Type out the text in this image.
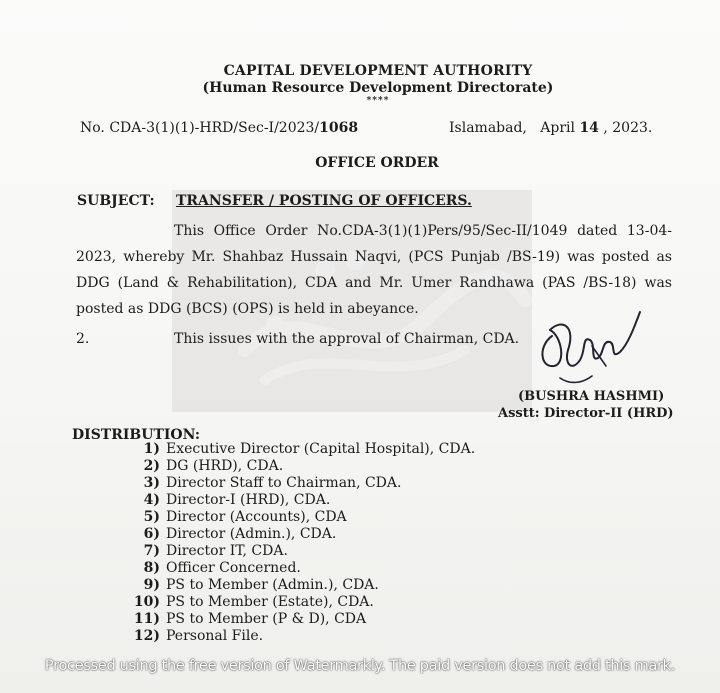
CAPITAL DEVELOPMENT AUTHORITY
(Human Resource Development Directorate)
****
No. CDA-3(1)(1)-HRD/Sec-I/2023/1068	Islamabad, April 14 , 2023.
OFFICE ORDER
SUBJECT: TRANSFER / POSTING OF OFFICERS.
This Office Order No.CDA-3(1)(1)Pers/95/Sec-II/1049 dated 13-04-2023, whereby Mr. Shahbaz Hussain Naqvi, (PCS Punjab /BS-19) was posted as DDG (Land & Rehabilitation), CDA and Mr. Umer Randhawa (PAS /BS-18) was posted as DDG (BCS) (OPS) is held in abeyance.
2.	This issues with the approval of Chairman, CDA.
(BUSHRA HASHMI)
Asstt: Director-II (HRD)
DISTRIBUTION:
1) Executive Director (Capital Hospital), CDA.
2) DG (HRD), CDA.
3) Director Staff to Chairman, CDA.
4) Director-I (HRD), CDA.
5) Director (Accounts), CDA
6) Director (Admin.), CDA.
7) Director IT, CDA.
8) Officer Concerned.
9) PS to Member (Admin.), CDA.
10) PS to Member (Estate), CDA.
11) PS to Member (P & D), CDA
12) Personal File.
Processed using the free version of Watermarkly. The paid version does not add this mark.
